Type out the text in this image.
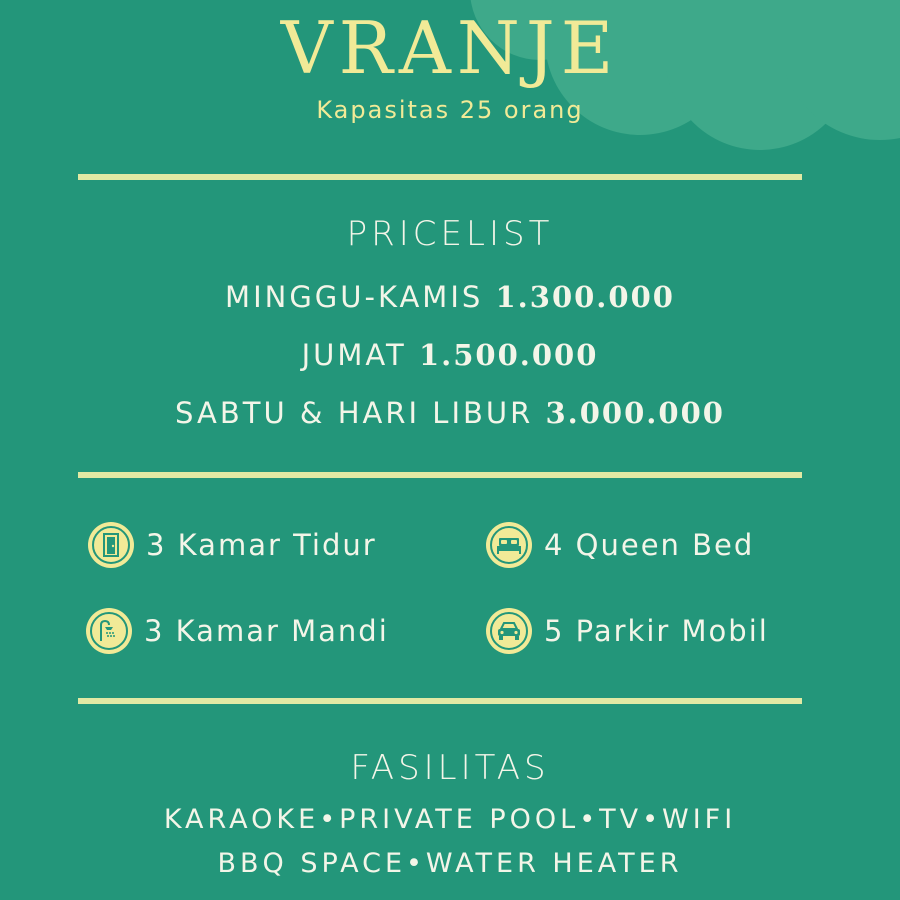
VRANJE
Kapasitas 25 orang
PRICELIST
MINGGU-KAMIS 1.300.000
JUMAT 1.500.000
SABTU & HARI LIBUR 3.000.000
3 Kamar Tidur	4 Queen Bed
3 Kamar Mandi	5 Parkir Mobil
FASILITAS
KARAOKE•PRIVATE POOL•TV•WIFI
BBQ SPACE•WATER HEATER
